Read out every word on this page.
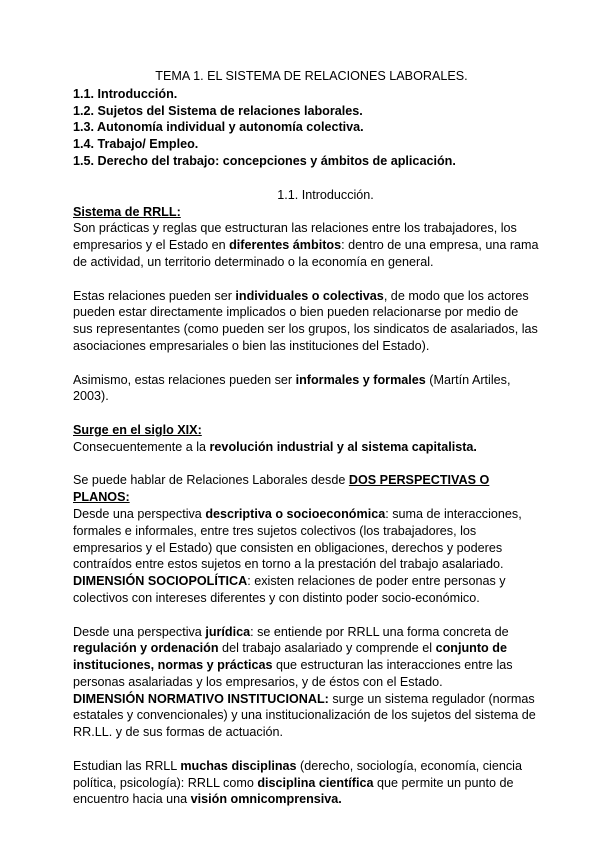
TEMA 1. EL SISTEMA DE RELACIONES LABORALES.
1.1. Introducción.
1.2. Sujetos del Sistema de relaciones laborales.
1.3. Autonomía individual y autonomía colectiva.
1.4. Trabajo/ Empleo.
1.5. Derecho del trabajo: concepciones y ámbitos de aplicación.
1.1. Introducción.
Sistema de RRLL:

Son prácticas y reglas que estructuran las relaciones entre los trabajadores, los empresarios y el Estado en diferentes ámbitos: dentro de una empresa, una rama de actividad, un territorio determinado o la economía en general.

Estas relaciones pueden ser individuales o colectivas, de modo que los actores pueden estar directamente implicados o bien pueden relacionarse por medio de sus representantes (como pueden ser los grupos, los sindicatos de asalariados, las asociaciones empresariales o bien las instituciones del Estado).

Asimismo, estas relaciones pueden ser informales y formales (Martín Artiles, 2003).

Surge en el siglo XIX:

Consecuentemente a la revolución industrial y al sistema capitalista.

Se puede hablar de Relaciones Laborales desde DOS PERSPECTIVAS O PLANOS:

Desde una perspectiva descriptiva o socioeconómica: suma de interacciones, formales e informales, entre tres sujetos colectivos (los trabajadores, los empresarios y el Estado) que consisten en obligaciones, derechos y poderes contraídos entre estos sujetos en torno a la prestación del trabajo asalariado.

DIMENSIÓN SOCIOPOLÍTICA: existen relaciones de poder entre personas y colectivos con intereses diferentes y con distinto poder socio-económico.

Desde una perspectiva jurídica: se entiende por RRLL una forma concreta de regulación y ordenación del trabajo asalariado y comprende el conjunto de instituciones, normas y prácticas que estructuran las interacciones entre las personas asalariadas y los empresarios, y de éstos con el Estado.

DIMENSIÓN NORMATIVO INSTITUCIONAL: surge un sistema regulador (normas estatales y convencionales) y una institucionalización de los sujetos del sistema de RR.LL. y de sus formas de actuación.

Estudian las RRLL muchas disciplinas (derecho, sociología, economía, ciencia política, psicología): RRLL como disciplina científica que permite un punto de encuentro hacia una visión omnicomprensiva.
